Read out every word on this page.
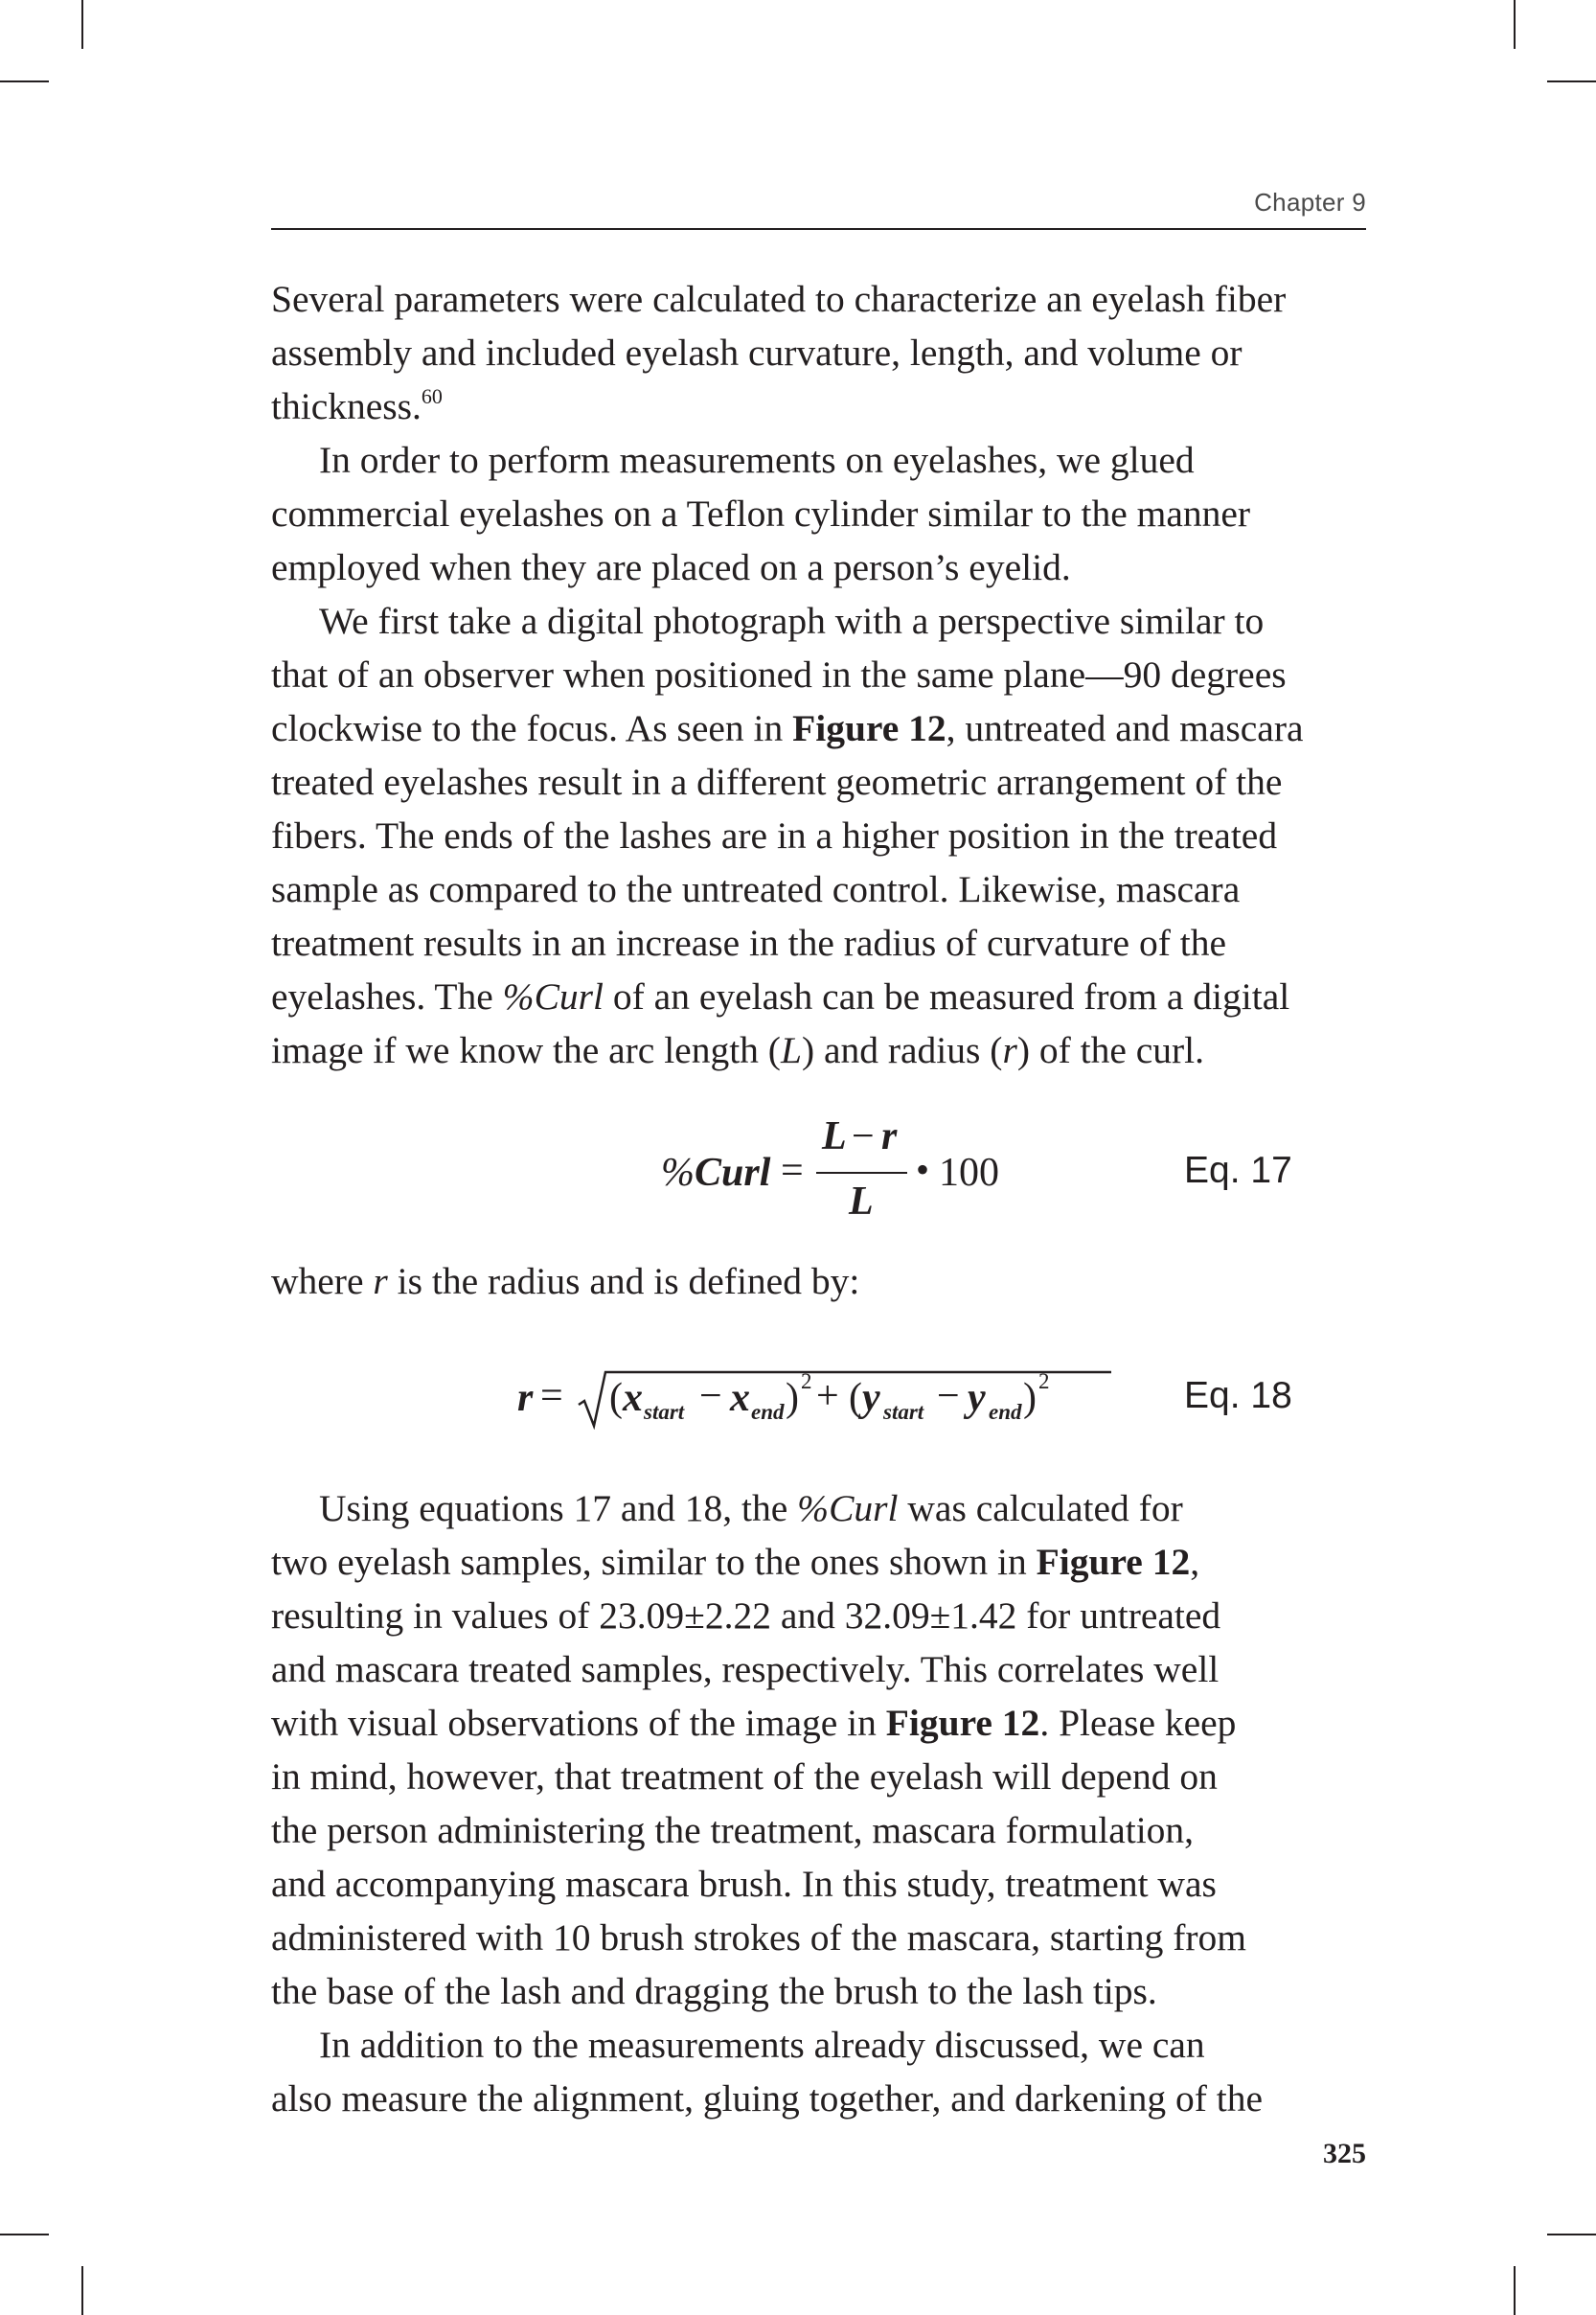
Chapter 9
Several parameters were calculated to characterize an eyelash fiber
assembly and included eyelash curvature, length, and volume or
thickness.$^{60}$
In order to perform measurements on eyelashes, we glued
commercial eyelashes on a Teflon cylinder similar to the manner
employed when they are placed on a person’s eyelid.
We first take a digital photograph with a perspective similar to
that of an observer when positioned in the same plane—90 degrees
clockwise to the focus. As seen in Figure 12, untreated and mascara
treated eyelashes result in a different geometric arrangement of the
fibers. The ends of the lashes are in a higher position in the treated
sample as compared to the untreated control. Likewise, mascara
treatment results in an increase in the radius of curvature of the
eyelashes. The %Curl of an eyelash can be measured from a digital
image if we know the arc length (L) and radius (r) of the curl.
% Curl =
L − r
L
• 100	Eq. 17
where r is the radius and is defined by:
r = ( x start − x end ) 2 + ( y start − y end ) 2	Eq. 18
Using equations 17 and 18, the %Curl was calculated for
two eyelash samples, similar to the ones shown in Figure 12,
resulting in values of 23.09±2.22 and 32.09±1.42 for untreated
and mascara treated samples, respectively. This correlates well
with visual observations of the image in Figure 12. Please keep
in mind, however, that treatment of the eyelash will depend on
the person administering the treatment, mascara formulation,
and accompanying mascara brush. In this study, treatment was
administered with 10 brush strokes of the mascara, starting from
the base of the lash and dragging the brush to the lash tips.
In addition to the measurements already discussed, we can
also measure the alignment, gluing together, and darkening of the
325
